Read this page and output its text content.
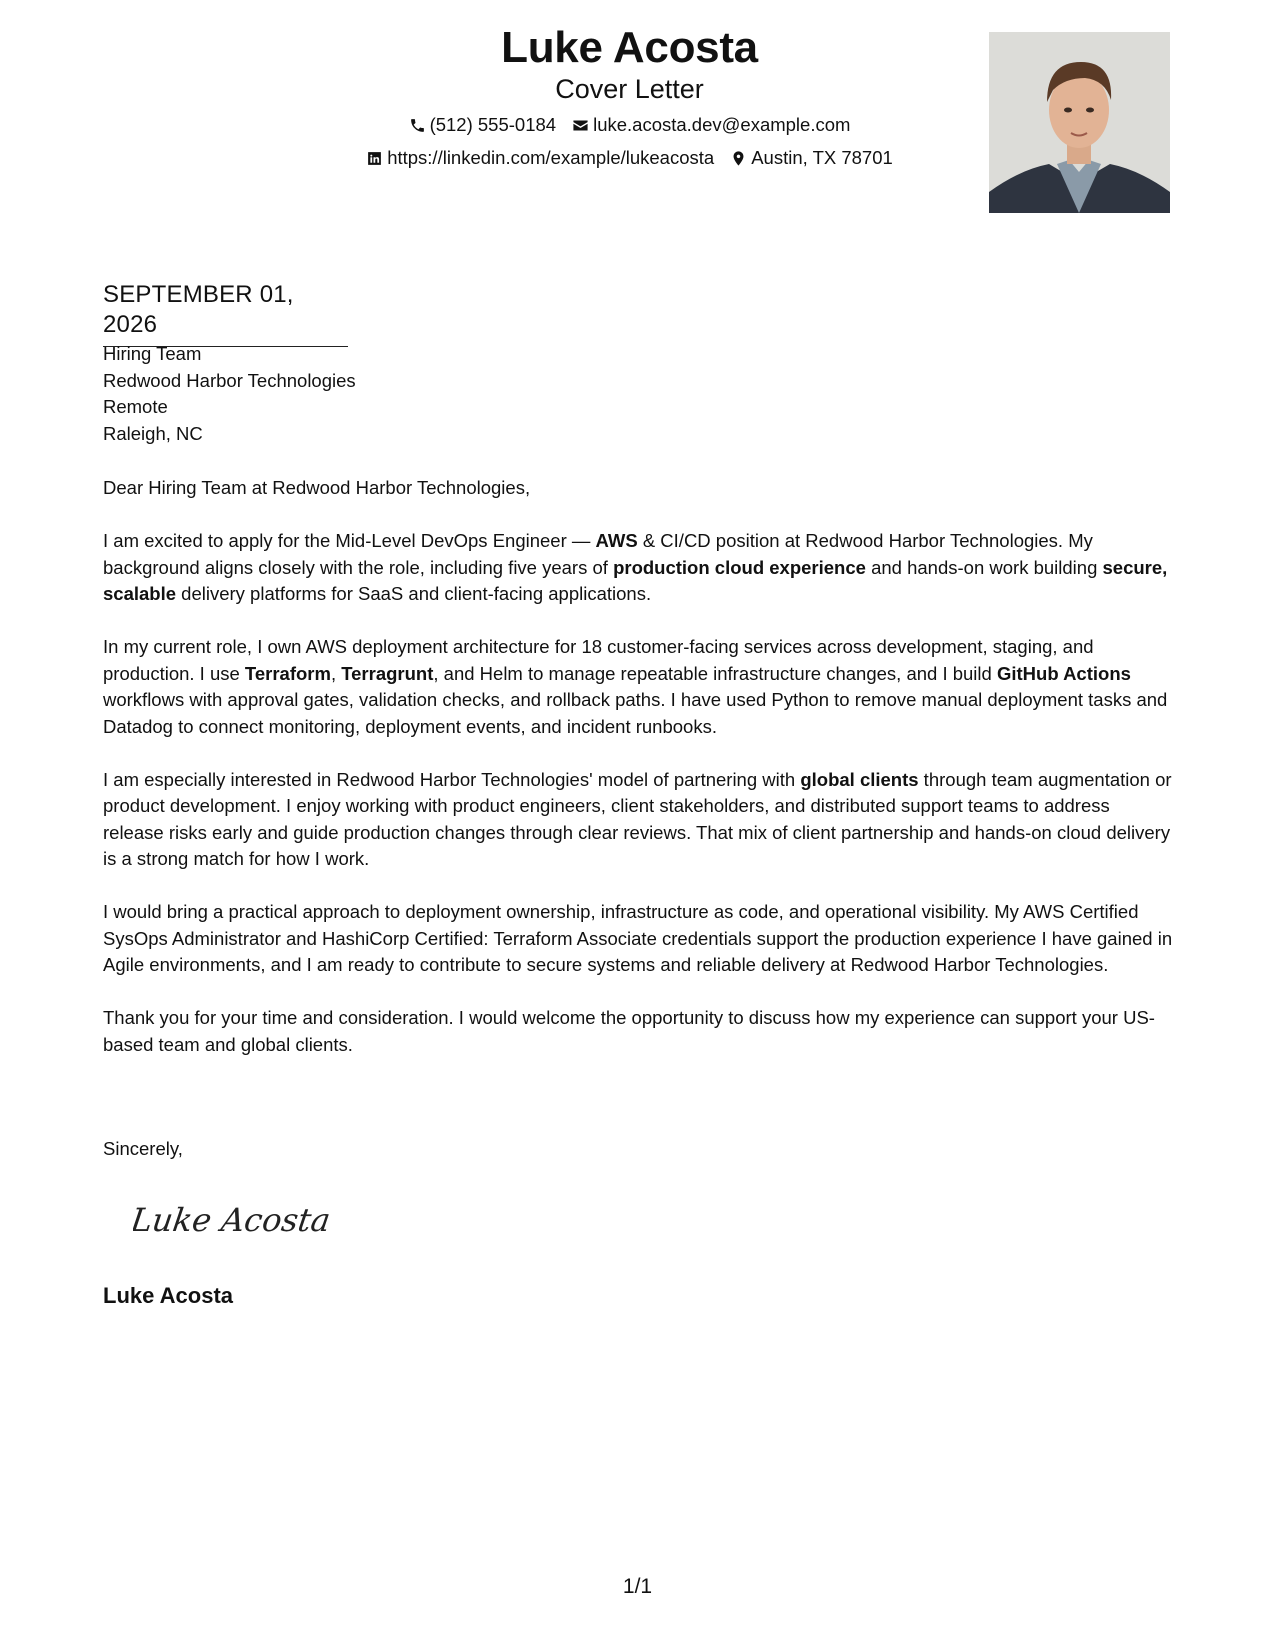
Luke Acosta
Cover Letter
(512) 555-0184 luke.acosta.dev@example.com
https://linkedin.com/example/lukeacosta Austin, TX 78701
SEPTEMBER 01, 2026
Hiring Team
Redwood Harbor Technologies
Remote
Raleigh, NC
Dear Hiring Team at Redwood Harbor Technologies,

I am excited to apply for the Mid-Level DevOps Engineer — AWS & CI/CD position at Redwood Harbor Technologies. My background aligns closely with the role, including five years of production cloud experience and hands-on work building secure, scalable delivery platforms for SaaS and client-facing applications.

In my current role, I own AWS deployment architecture for 18 customer-facing services across development, staging, and production. I use Terraform, Terragrunt, and Helm to manage repeatable infrastructure changes, and I build GitHub Actions workflows with approval gates, validation checks, and rollback paths. I have used Python to remove manual deployment tasks and Datadog to connect monitoring, deployment events, and incident runbooks.

I am especially interested in Redwood Harbor Technologies' model of partnering with global clients through team augmentation or product development. I enjoy working with product engineers, client stakeholders, and distributed support teams to address release risks early and guide production changes through clear reviews. That mix of client partnership and hands-on cloud delivery is a strong match for how I work.

I would bring a practical approach to deployment ownership, infrastructure as code, and operational visibility. My AWS Certified SysOps Administrator and HashiCorp Certified: Terraform Associate credentials support the production experience I have gained in Agile environments, and I am ready to contribute to secure systems and reliable delivery at Redwood Harbor Technologies.

Thank you for your time and consideration. I would welcome the opportunity to discuss how my experience can support your US-based team and global clients.

Sincerely,
Luke Acosta
Luke Acosta
1/1
